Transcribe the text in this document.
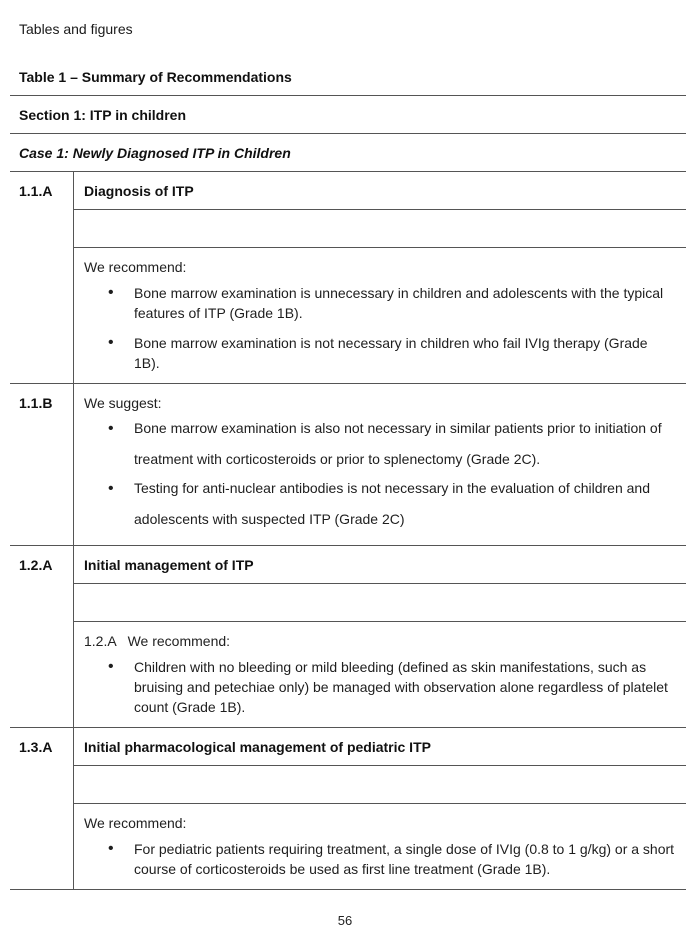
Tables and figures
Table 1 – Summary of Recommendations
Section 1: ITP in children
Case 1: Newly Diagnosed ITP in Children
1.1.A	Diagnosis of ITP
We recommend:
• Bone marrow examination is unnecessary in children and adolescents with the typical features of ITP (Grade 1B).
• Bone marrow examination is not necessary in children who fail IVIg therapy (Grade 1B).
1.1.B	We suggest:
• Bone marrow examination is also not necessary in similar patients prior to initiation of treatment with corticosteroids or prior to splenectomy (Grade 2C).
• Testing for anti-nuclear antibodies is not necessary in the evaluation of children and adolescents with suspected ITP (Grade 2C)
1.2.A	Initial management of ITP
1.2.A   We recommend:
• Children with no bleeding or mild bleeding (defined as skin manifestations, such as bruising and petechiae only) be managed with observation alone regardless of platelet count (Grade 1B).
1.3.A	Initial pharmacological management of pediatric ITP
We recommend:
• For pediatric patients requiring treatment, a single dose of IVIg (0.8 to 1 g/kg) or a short course of corticosteroids be used as first line treatment (Grade 1B).
56
